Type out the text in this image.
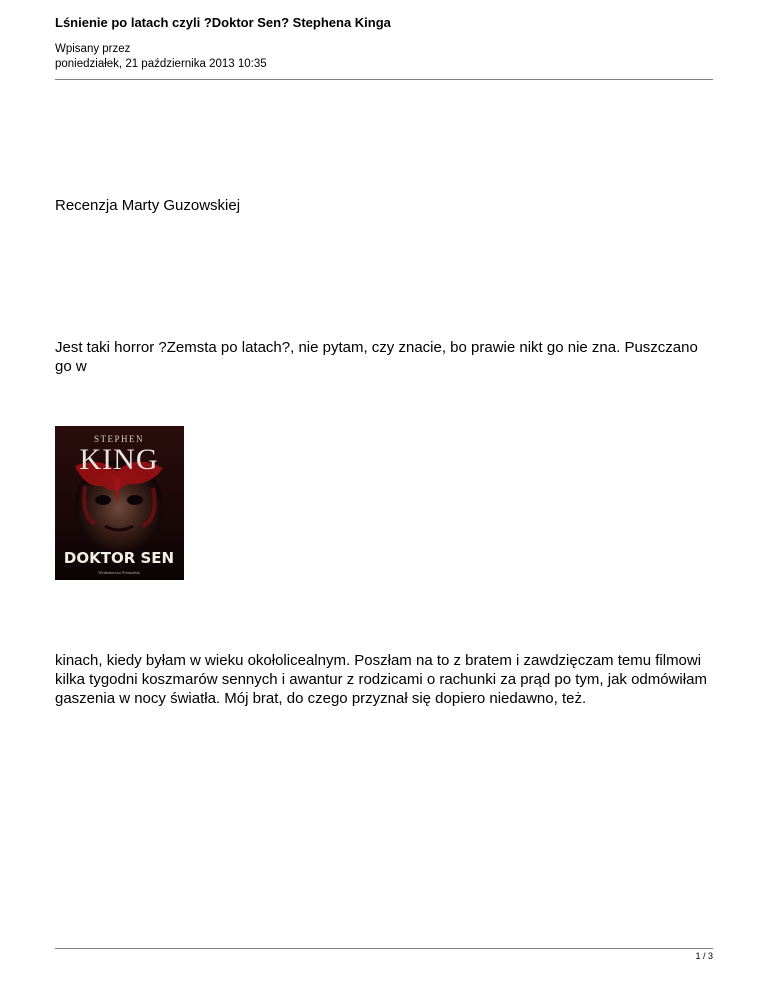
Lśnienie po latach czyli ?Doktor Sen? Stephena Kinga
Wpisany przez
poniedziałek, 21 października 2013 10:35

Recenzja Marty Guzowskiej

Jest taki horror ?Zemsta po latach?, nie pytam, czy znacie, bo prawie nikt go nie zna. Puszczano go w

STEPHEN
KING
DOKTOR SEN
Wydawnictwo Prószyński

kinach, kiedy byłam w wieku okołolicealnym. Poszłam na to z bratem i zawdzięczam temu filmowi kilka tygodni koszmarów sennych i awantur z rodzicami o rachunki za prąd po tym, jak odmówiłam gaszenia w nocy światła. Mój brat, do czego przyznał się dopiero niedawno, też.

1 / 3
